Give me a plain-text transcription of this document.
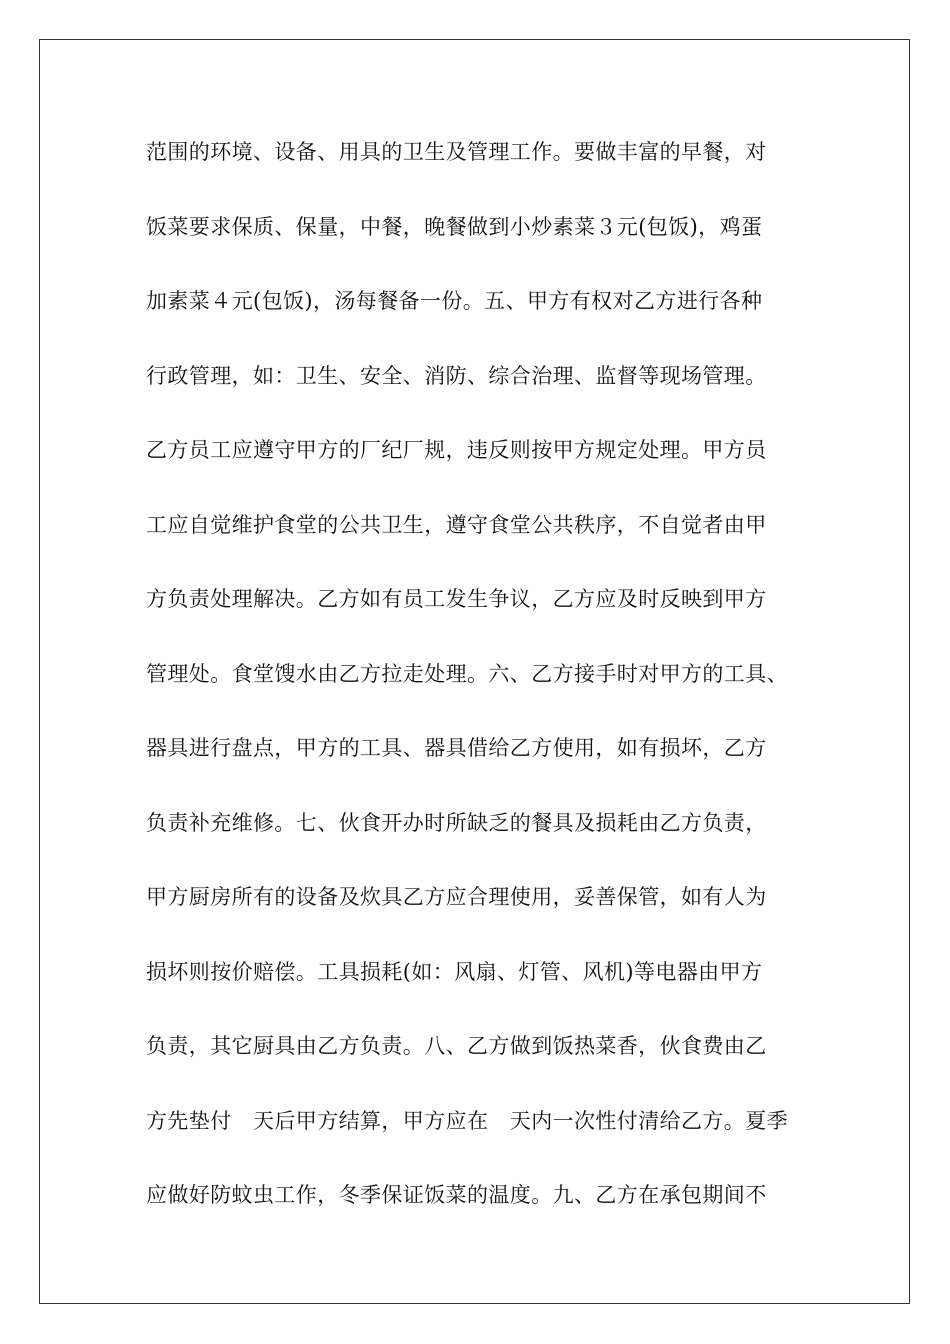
范围的环境、设备、用具的卫生及管理工作。要做丰富的早餐，对
饭菜要求保质、保量，中餐，晚餐做到小炒素菜３元(包饭)，鸡蛋
加素菜４元(包饭)，汤每餐备一份。五、甲方有权对乙方进行各种
行政管理，如：卫生、安全、消防、综合治理、监督等现场管理。
乙方员工应遵守甲方的厂纪厂规，违反则按甲方规定处理。甲方员
工应自觉维护食堂的公共卫生，遵守食堂公共秩序，不自觉者由甲
方负责处理解决。乙方如有员工发生争议，乙方应及时反映到甲方
管理处。食堂馊水由乙方拉走处理。六、乙方接手时对甲方的工具、
器具进行盘点，甲方的工具、器具借给乙方使用，如有损坏，乙方
负责补充维修。七、伙食开办时所缺乏的餐具及损耗由乙方负责，
甲方厨房所有的设备及炊具乙方应合理使用，妥善保管，如有人为
损坏则按价赔偿。工具损耗(如：风扇、灯管、风机)等电器由甲方
负责，其它厨具由乙方负责。八、乙方做到饭热菜香，伙食费由乙
方先垫付　天后甲方结算，甲方应在　天内一次性付清给乙方。夏季
应做好防蚊虫工作，冬季保证饭菜的温度。九、乙方在承包期间不
